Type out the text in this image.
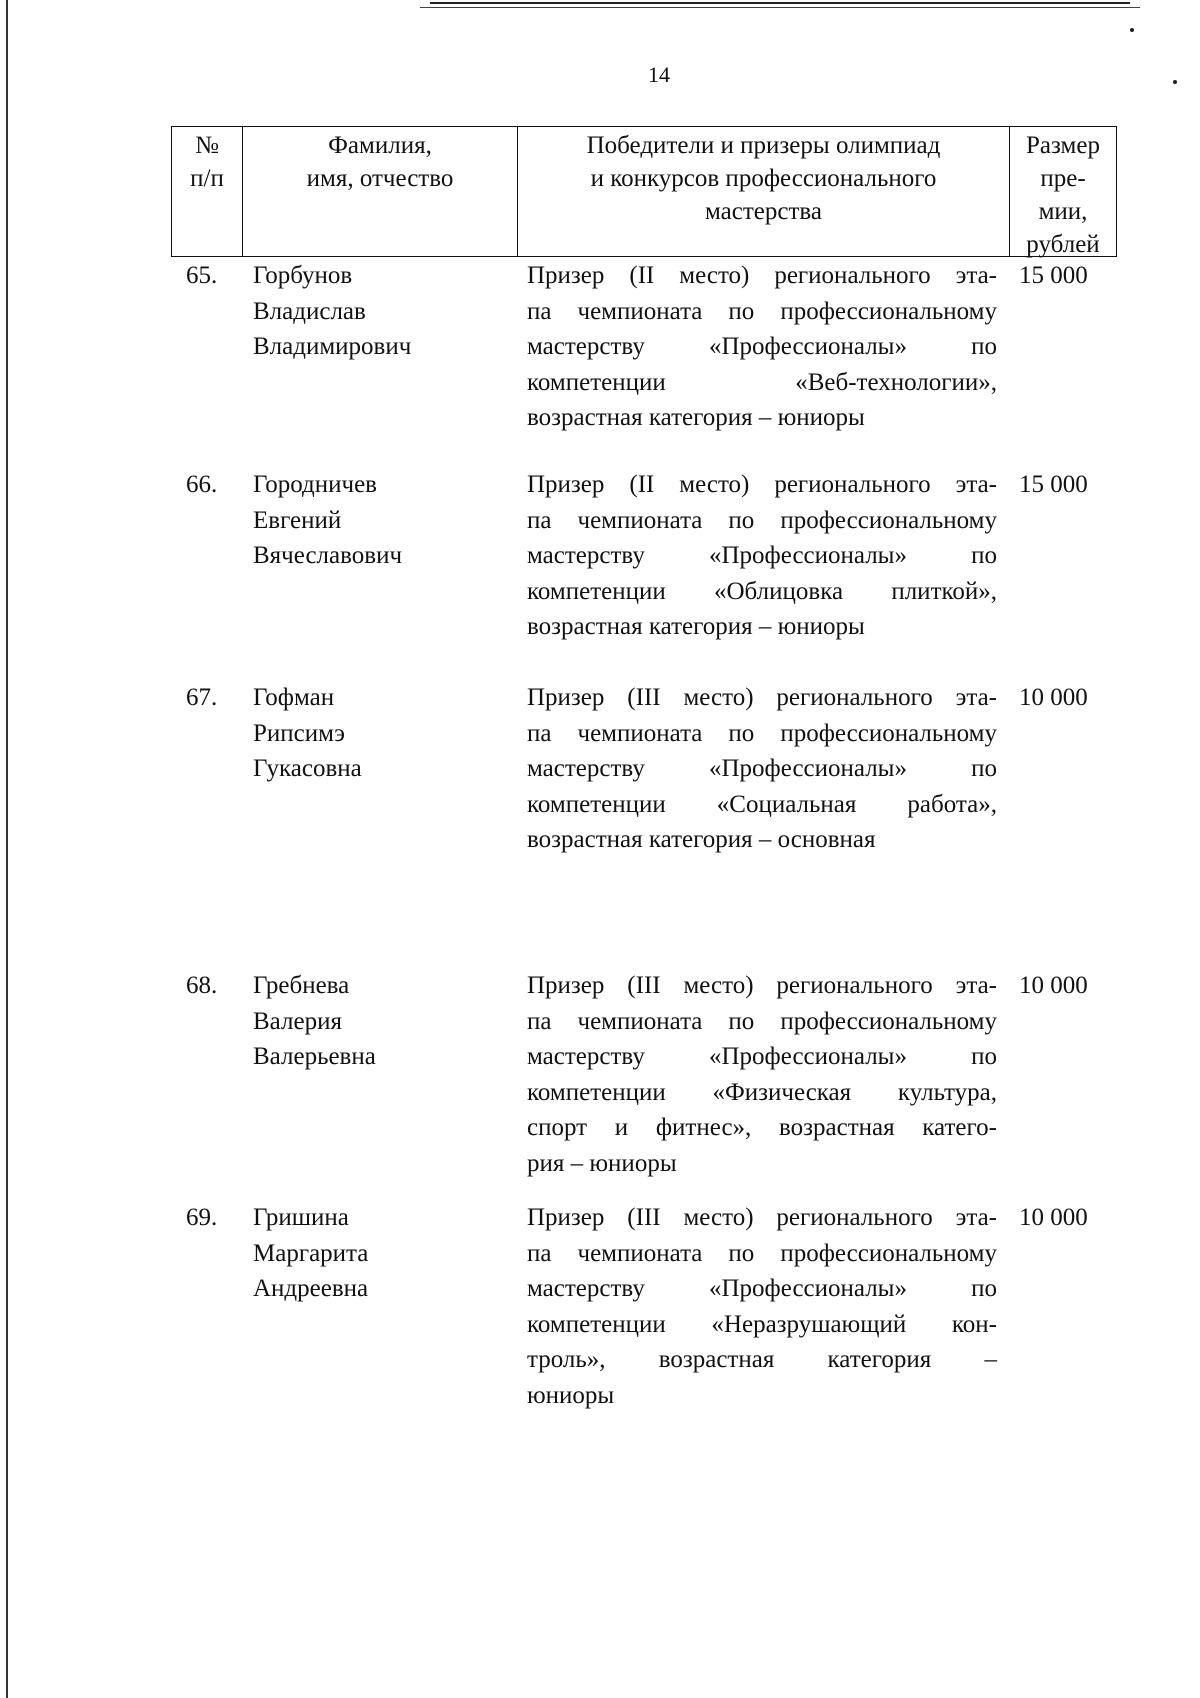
14
№
п/п
Фамилия,
имя, отчество
Победители и призеры олимпиад
и конкурсов профессионального
мастерства
Размер
пре-
мии,
рублей
65. Горбунов
Владислав
Владимирович
Призер (II место) регионального эта-
па чемпионата по профессиональному
мастерству «Профессионалы» по
компетенции «Веб-технологии»,
возрастная категория – юниоры
15 000
66. Городничев
Евгений
Вячеславович
Призер (II место) регионального эта-
па чемпионата по профессиональному
мастерству «Профессионалы» по
компетенции «Облицовка плиткой»,
возрастная категория – юниоры
15 000
67. Гофман
Рипсимэ
Гукасовна
Призер (III место) регионального эта-
па чемпионата по профессиональному
мастерству «Профессионалы» по
компетенции «Социальная работа»,
возрастная категория – основная
10 000
68. Гребнева
Валерия
Валерьевна
Призер (III место) регионального эта-
па чемпионата по профессиональному
мастерству «Профессионалы» по
компетенции «Физическая культура,
спорт и фитнес», возрастная катего-
рия – юниоры
10 000
69. Гришина
Маргарита
Андреевна
Призер (III место) регионального эта-
па чемпионата по профессиональному
мастерству «Профессионалы» по
компетенции «Неразрушающий кон-
троль», возрастная категория –
юниоры
10 000
